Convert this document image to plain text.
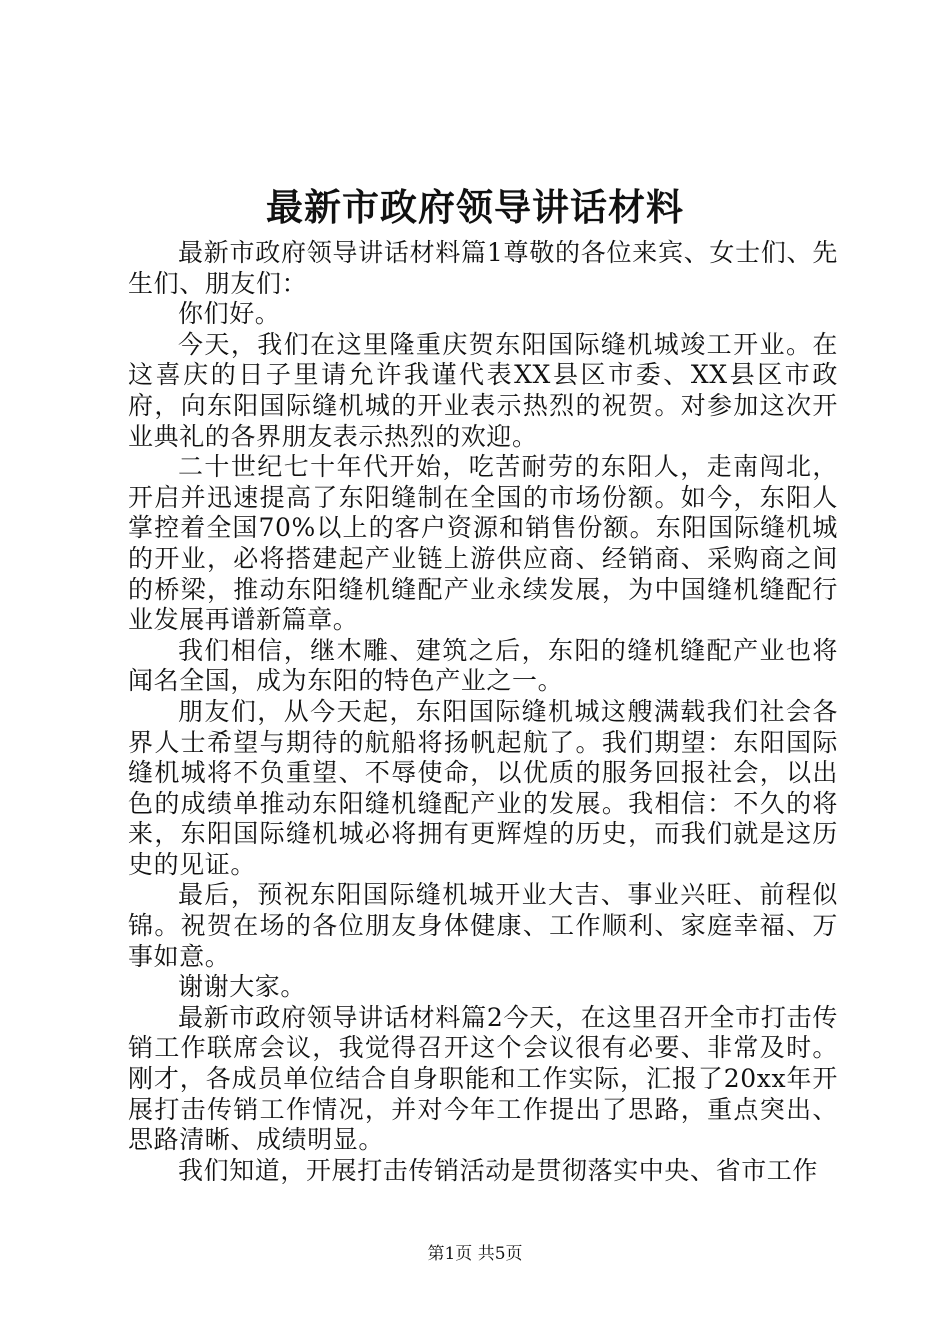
最新市政府领导讲话材料

最新市政府领导讲话材料篇1尊敬的各位来宾、女士们、先生们、朋友们：

你们好。

今天，我们在这里隆重庆贺东阳国际缝机城竣工开业。在这喜庆的日子里请允许我谨代表XX县区市委、XX县区市政府，向东阳国际缝机城的开业表示热烈的祝贺。对参加这次开业典礼的各界朋友表示热烈的欢迎。

二十世纪七十年代开始，吃苦耐劳的东阳人，走南闯北，开启并迅速提高了东阳缝制在全国的市场份额。如今，东阳人掌控着全国70%以上的客户资源和销售份额。东阳国际缝机城的开业，必将搭建起产业链上游供应商、经销商、采购商之间的桥梁，推动东阳缝机缝配产业永续发展，为中国缝机缝配行业发展再谱新篇章。

我们相信，继木雕、建筑之后，东阳的缝机缝配产业也将闻名全国，成为东阳的特色产业之一。

朋友们，从今天起，东阳国际缝机城这艘满载我们社会各界人士希望与期待的航船将扬帆起航了。我们期望：东阳国际缝机城将不负重望、不辱使命，以优质的服务回报社会，以出色的成绩单推动东阳缝机缝配产业的发展。我相信：不久的将来，东阳国际缝机城必将拥有更辉煌的历史，而我们就是这历史的见证。

最后，预祝东阳国际缝机城开业大吉、事业兴旺、前程似锦。祝贺在场的各位朋友身体健康、工作顺利、家庭幸福、万事如意。

谢谢大家。

最新市政府领导讲话材料篇2今天，在这里召开全市打击传销工作联席会议，我觉得召开这个会议很有必要、非常及时。刚才，各成员单位结合自身职能和工作实际，汇报了20xx年开展打击传销工作情况，并对今年工作提出了思路，重点突出、思路清晰、成绩明显。

我们知道，开展打击传销活动是贯彻落实中央、省市工作

第1页 共5页
